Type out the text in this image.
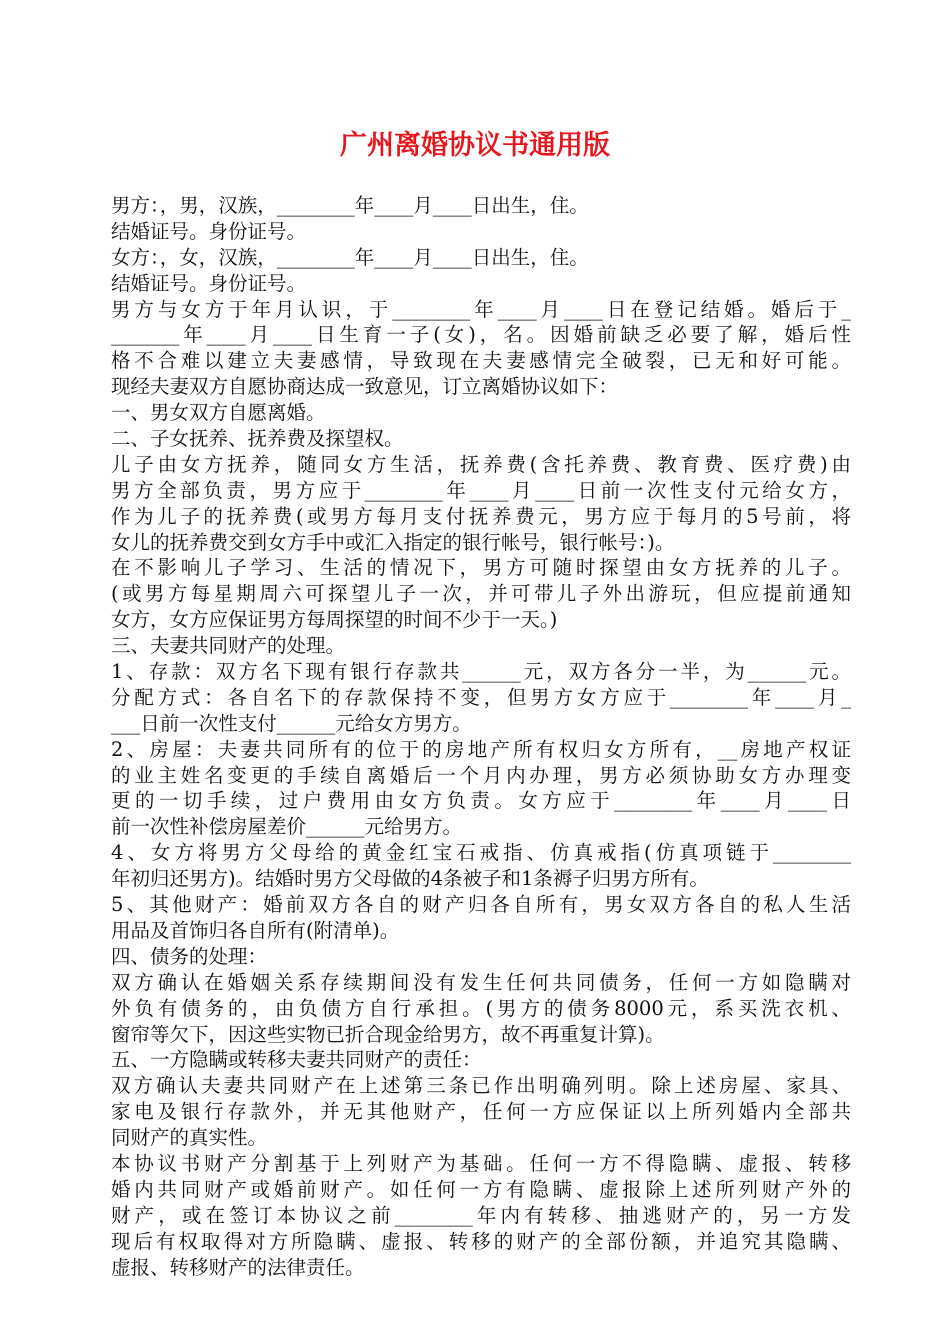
广州离婚协议书通用版
男方：，男，汉族，________年____月____日出生，住。
结婚证号。身份证号。
女方：，女，汉族，________年____月____日出生，住。
结婚证号。身份证号。
男方与女方于年月认识，于________年____月____日在登记结婚。婚后于_
_______年____月____日生育一子(女)，名。因婚前缺乏必要了解，婚后性
格不合难以建立夫妻感情，导致现在夫妻感情完全破裂，已无和好可能。
现经夫妻双方自愿协商达成一致意见，订立离婚协议如下：
一、男女双方自愿离婚。
二、子女抚养、抚养费及探望权。
儿子由女方抚养，随同女方生活，抚养费(含托养费、教育费、医疗费)由
男方全部负责，男方应于________年____月____日前一次性支付元给女方，
作为儿子的抚养费(或男方每月支付抚养费元，男方应于每月的5号前，将
女儿的抚养费交到女方手中或汇入指定的银行帐号，银行帐号：)。
在不影响儿子学习、生活的情况下，男方可随时探望由女方抚养的儿子。
(或男方每星期周六可探望儿子一次，并可带儿子外出游玩，但应提前通知
女方，女方应保证男方每周探望的时间不少于一天。)
三、夫妻共同财产的处理。
1、存款：双方名下现有银行存款共______元，双方各分一半，为______元。
分配方式：各自名下的存款保持不变，但男方女方应于________年____月_
___日前一次性支付______元给女方男方。
2、房屋：夫妻共同所有的位于的房地产所有权归女方所有，__房地产权证
的业主姓名变更的手续自离婚后一个月内办理，男方必须协助女方办理变
更的一切手续，过户费用由女方负责。女方应于________年____月____日
前一次性补偿房屋差价______元给男方。
4、女方将男方父母给的黄金红宝石戒指、仿真戒指(仿真项链于________
年初归还男方)。结婚时男方父母做的4条被子和1条褥子归男方所有。
5、其他财产：婚前双方各自的财产归各自所有，男女双方各自的私人生活
用品及首饰归各自所有(附清单)。
四、债务的处理：
双方确认在婚姻关系存续期间没有发生任何共同债务，任何一方如隐瞒对
外负有债务的，由负债方自行承担。(男方的债务8000元，系买洗衣机、
窗帘等欠下，因这些实物已折合现金给男方，故不再重复计算)。
五、一方隐瞒或转移夫妻共同财产的责任：
双方确认夫妻共同财产在上述第三条已作出明确列明。除上述房屋、家具、
家电及银行存款外，并无其他财产，任何一方应保证以上所列婚内全部共
同财产的真实性。
本协议书财产分割基于上列财产为基础。任何一方不得隐瞒、虚报、转移
婚内共同财产或婚前财产。如任何一方有隐瞒、虚报除上述所列财产外的
财产，或在签订本协议之前________年内有转移、抽逃财产的，另一方发
现后有权取得对方所隐瞒、虚报、转移的财产的全部份额，并追究其隐瞒、
虚报、转移财产的法律责任。
